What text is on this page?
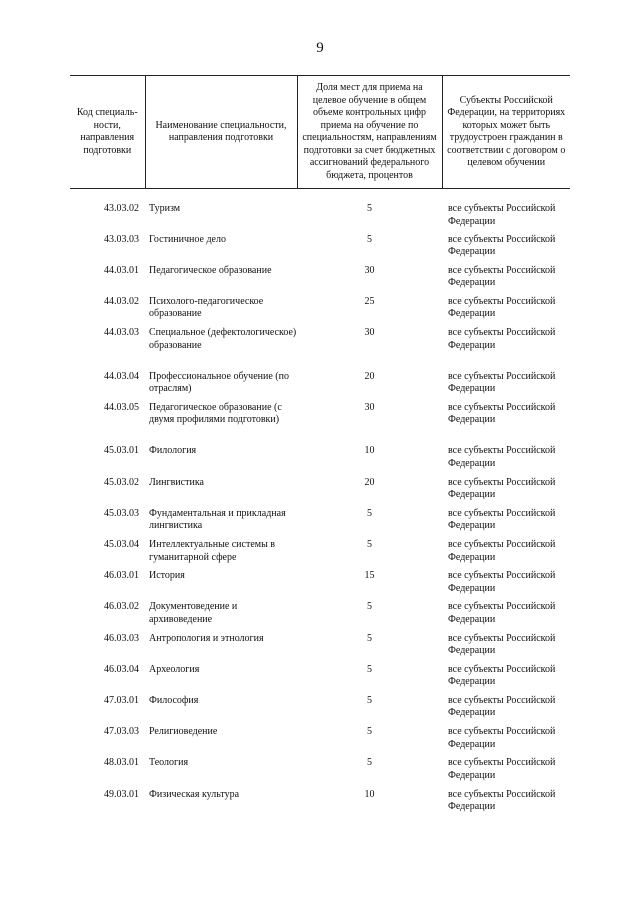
9
Код специаль-ности, направления подготовки	Наименование специальности, направления подготовки	Доля мест для приема на целевое обучение в общем объеме контрольных цифр приема на обучение по специальностям, направлениям подготовки за счет бюджетных ассигнований федерального бюджета, процентов	Субъекты Российской Федерации, на территориях которых может быть трудоустроен гражданин в соответствии с договором о целевом обучении
43.03.02	Туризм	5	все субъекты Российской Федерации
43.03.03	Гостиничное дело	5	все субъекты Российской Федерации
44.03.01	Педагогическое образование	30	все субъекты Российской Федерации
44.03.02	Психолого-педагогическое образование	25	все субъекты Российской Федерации
44.03.03	Специальное (дефектологическое) образование	30	все субъекты Российской Федерации
44.03.04	Профессиональное обучение (по отраслям)	20	все субъекты Российской Федерации
44.03.05	Педагогическое образование (с двумя профилями подготовки)	30	все субъекты Российской Федерации
45.03.01	Филология	10	все субъекты Российской Федерации
45.03.02	Лингвистика	20	все субъекты Российской Федерации
45.03.03	Фундаментальная и прикладная лингвистика	5	все субъекты Российской Федерации
45.03.04	Интеллектуальные системы в гуманитарной сфере	5	все субъекты Российской Федерации
46.03.01	История	15	все субъекты Российской Федерации
46.03.02	Документоведение и архивоведение	5	все субъекты Российской Федерации
46.03.03	Антропология и этнология	5	все субъекты Российской Федерации
46.03.04	Археология	5	все субъекты Российской Федерации
47.03.01	Философия	5	все субъекты Российской Федерации
47.03.03	Религиоведение	5	все субъекты Российской Федерации
48.03.01	Теология	5	все субъекты Российской Федерации
49.03.01	Физическая культура	10	все субъекты Российской Федерации
